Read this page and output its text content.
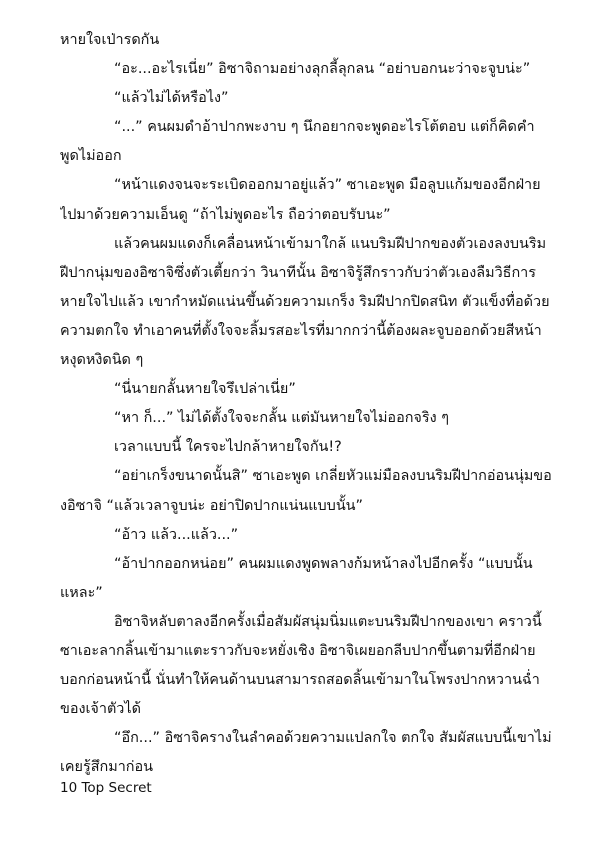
หายใจเป่ารดกัน

“อะ...อะไรเนี่ย” อิซาจิถามอย่างลุกลี้ลุกลน “อย่าบอกนะว่าจะจูบน่ะ”

“แล้วไม่ได้หรือไง”

“...” คนผมดำอ้าปากพะงาบ ๆ นึกอยากจะพูดอะไรโต้ตอบ แต่ก็คิดคำพูดไม่ออก

“หน้าแดงจนจะระเบิดออกมาอยู่แล้ว” ซาเอะพูด มือลูบแก้มของอีกฝ่ายไปมาด้วยความเอ็นดู “ถ้าไม่พูดอะไร ถือว่าตอบรับนะ”

แล้วคนผมแดงก็เคลื่อนหน้าเข้ามาใกล้ แนบริมฝีปากของตัวเองลงบนริมฝีปากนุ่มของอิซาจิซึ่งตัวเตี้ยกว่า วินาทีนั้น อิซาจิรู้สึกราวกับว่าตัวเองลืมวิธีการหายใจไปแล้ว เขากำหมัดแน่นขึ้นด้วยความเกร็ง ริมฝีปากปิดสนิท ตัวแข็งทื่อด้วยความตกใจ ทำเอาคนที่ตั้งใจจะลิ้มรสอะไรที่มากกว่านี้ต้องผละจูบออกด้วยสีหน้าหงุดหงิดนิด ๆ

“นี่นายกลั้นหายใจรึเปล่าเนี่ย”

“หา ก็...” ไม่ได้ตั้งใจจะกลั้น แต่มันหายใจไม่ออกจริง ๆ

เวลาแบบนี้ ใครจะไปกล้าหายใจกัน!?

“อย่าเกร็งขนาดนั้นสิ” ซาเอะพูด เกลี่ยหัวแม่มือลงบนริมฝีปากอ่อนนุ่มของอิซาจิ “แล้วเวลาจูบน่ะ อย่าปิดปากแน่นแบบนั้น”

“อ้าว แล้ว...แล้ว...”

“อ้าปากออกหน่อย” คนผมแดงพูดพลางก้มหน้าลงไปอีกครั้ง “แบบนั้นแหละ”

อิซาจิหลับตาลงอีกครั้งเมื่อสัมผัสนุ่มนิ่มแตะบนริมฝีปากของเขา คราวนี้ซาเอะลากลิ้นเข้ามาแตะราวกับจะหยั่งเชิง อิซาจิเผยอกลีบปากขึ้นตามที่อีกฝ่ายบอกก่อนหน้านี้ นั่นทำให้คนด้านบนสามารถสอดลิ้นเข้ามาในโพรงปากหวานฉ่ำของเจ้าตัวได้

“อึก...” อิซาจิครางในลำคอด้วยความแปลกใจ ตกใจ สัมผัสแบบนี้เขาไม่เคยรู้สึกมาก่อน

10 Top Secret
